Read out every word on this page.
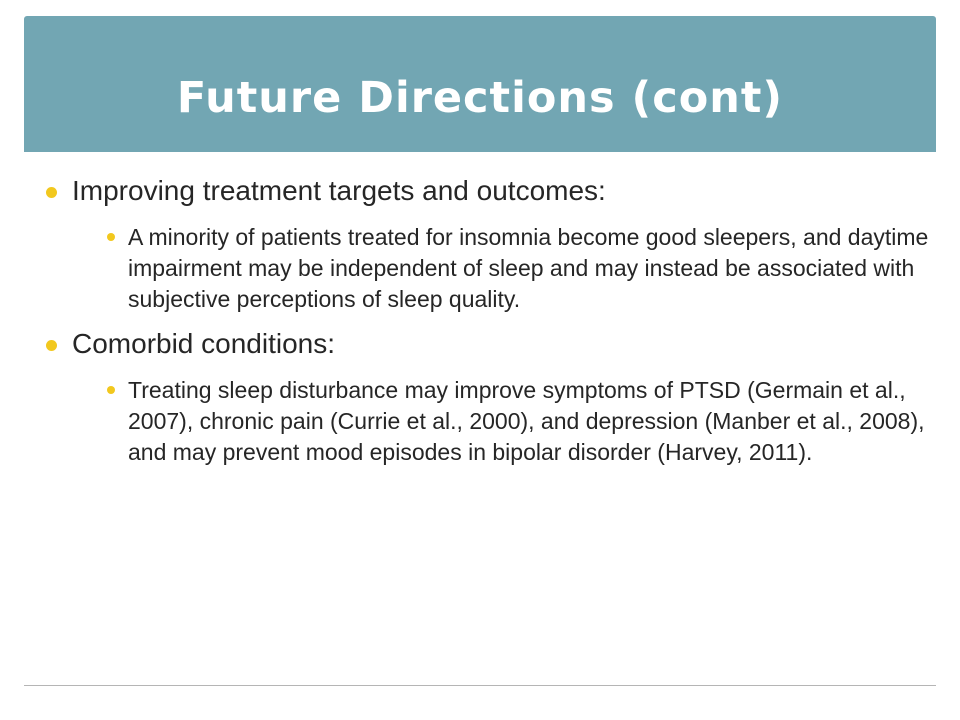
Future Directions (cont)
Improving treatment targets and outcomes:
A minority of patients treated for insomnia become good sleepers, and daytime impairment may be independent of sleep and may instead be associated with subjective perceptions of sleep quality.
Comorbid conditions:
Treating sleep disturbance may improve symptoms of PTSD (Germain et al., 2007), chronic pain (Currie et al., 2000), and depression (Manber et al., 2008), and may prevent mood episodes in bipolar disorder (Harvey, 2011).
